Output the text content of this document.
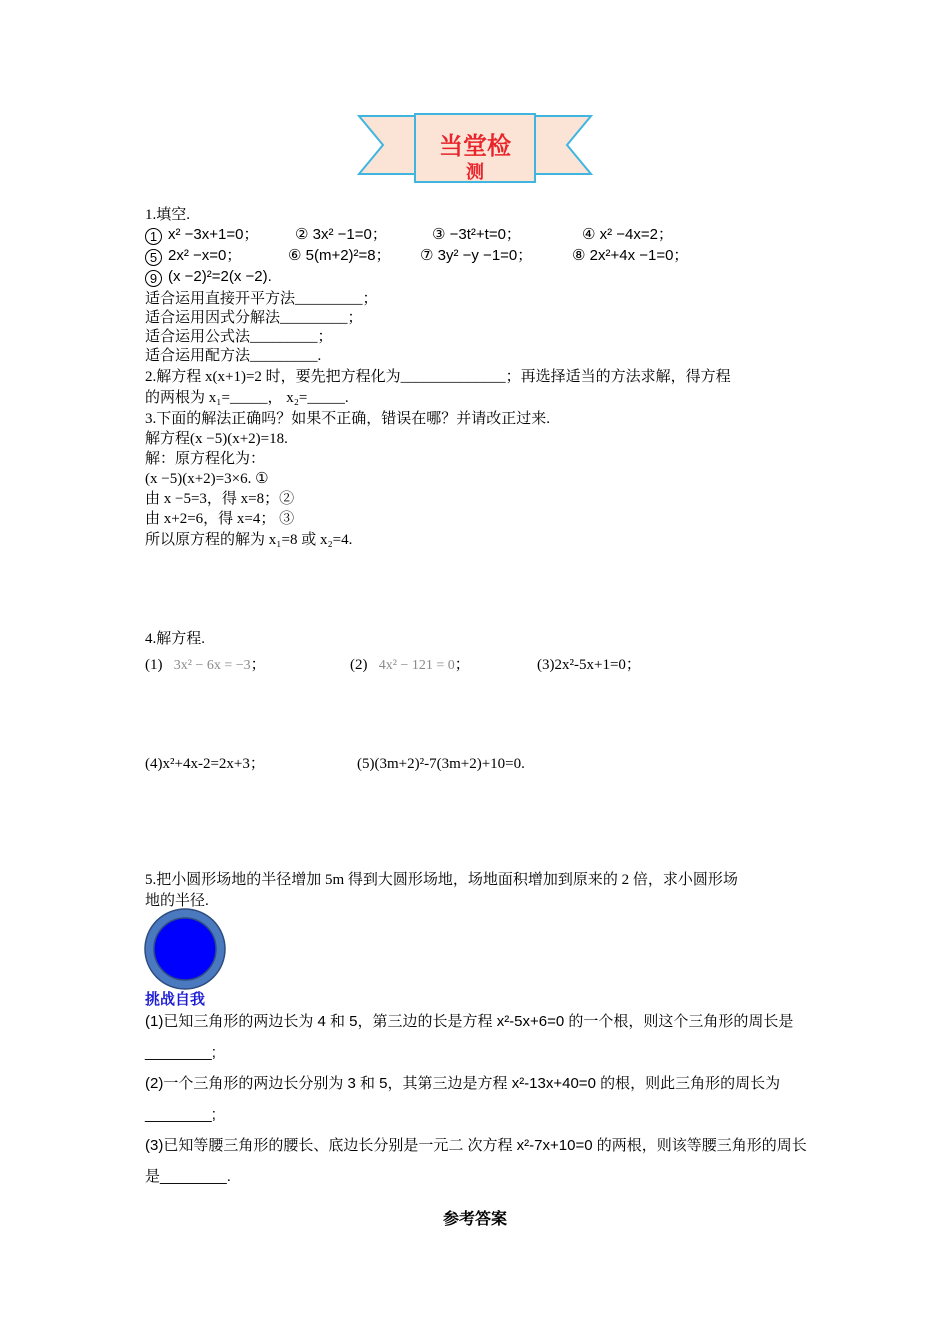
当堂检
测
1.填空.
1 x² −3x+1=0； ② 3x² −1=0；	③ −3t²+t=0；	④ x² −4x=2；
5 2x² −x=0；	⑥ 5(m+2)²=8； ⑦ 3y² −y −1=0；	⑧ 2x²+4x −1=0；
9 (x −2)²=2(x −2).
适合运用直接开平方法_________；
适合运用因式分解法_________；
适合运用公式法_________；
适合运用配方法_________.
2.解方程 x(x+1)=2 时，要先把方程化为______________；再选择适当的方法求解，得方程
的两根为 x₁=_____， x₂=_____.
3.下面的解法正确吗？如果不正确，错误在哪？并请改正过来.
解方程(x −5)(x+2)=18.
解：原方程化为：
(x −5)(x+2)=3×6. ①
由 x −5=3，得 x=8；②
由 x+2=6，得 x=4； ③
所以原方程的解为 x₁=8 或 x₂=4.
4.解方程.
(1) 3x² − 6x = −3；	(2) 4x² − 121 = 0；	(3)2x²-5x+1=0；
(4)x²+4x-2=2x+3；	(5)(3m+2)²-7(3m+2)+10=0.
5.把小圆形场地的半径增加 5m 得到大圆形场地，场地面积增加到原来的 2 倍，求小圆形场
地的半径.
挑战自我
(1)已知三角形的两边长为 4 和 5，第三边的长是方程 x²-5x+6=0 的一个根，则这个三角形的周长是________;
(2)一个三角形的两边长分别为 3 和 5，其第三边是方程 x²-13x+40=0 的根，则此三角形的周长为________;
(3)已知等腰三角形的腰长、底边长分别是一元二 次方程 x²-7x+10=0 的两根，则该等腰三角形的周长是________.
参考答案
